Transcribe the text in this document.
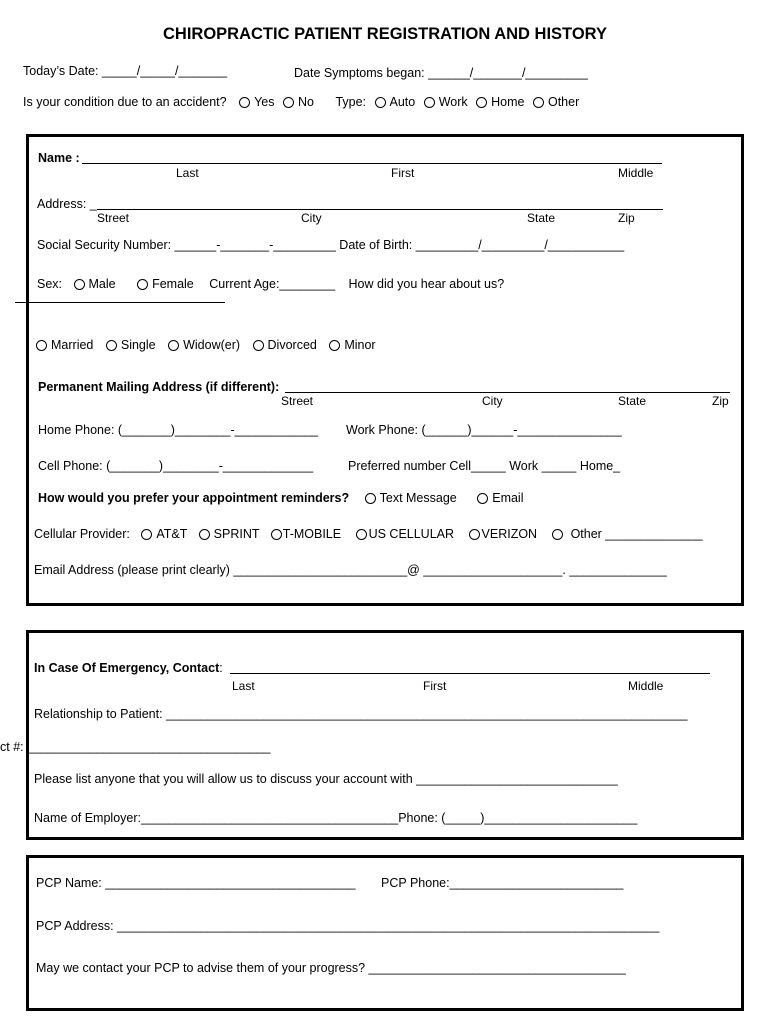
CHIROPRACTIC PATIENT REGISTRATION AND HISTORY
Today’s Date: _____/_____/_______	Date Symptoms began: ______/_______/_________
Is your condition due to an accident? Yes No Type: Auto Work Home Other
Name :
Last	First	Middle
Address: _
Street	City	State	Zip
Social Security Number: ______-_______-_________ Date of Birth: _________/_________/___________
Sex: Male	Female Current Age:________ How did you hear about us?
Married Single Widow(er) Divorced Minor
Permanent Mailing Address (if different):
Street	City	State	Zip
Home Phone: (_______)________-____________ Work Phone: (______)______-_______________
Cell Phone: (_______)________-_____________	Preferred number Cell_____ Work _____ Home_
How would you prefer your appointment reminders? Text Message	Email
Cellular Provider: AT&T SPRINT T-MOBILE US CELLULAR VERIZON	Other ______________
Email Address (please print clearly) _________________________@ ____________________. ______________
In Case Of Emergency, Contact:
Last	First	Middle
Relationship to Patient: ___________________________________________________________________________
ct #: ___________________________________
Please list anyone that you will allow us to discuss your account with _____________________________
Name of Employer:_____________________________________Phone: (_____)______________________
PCP Name: ____________________________________ PCP Phone:_________________________
PCP Address: ______________________________________________________________________________
May we contact your PCP to advise them of your progress? _____________________________________
